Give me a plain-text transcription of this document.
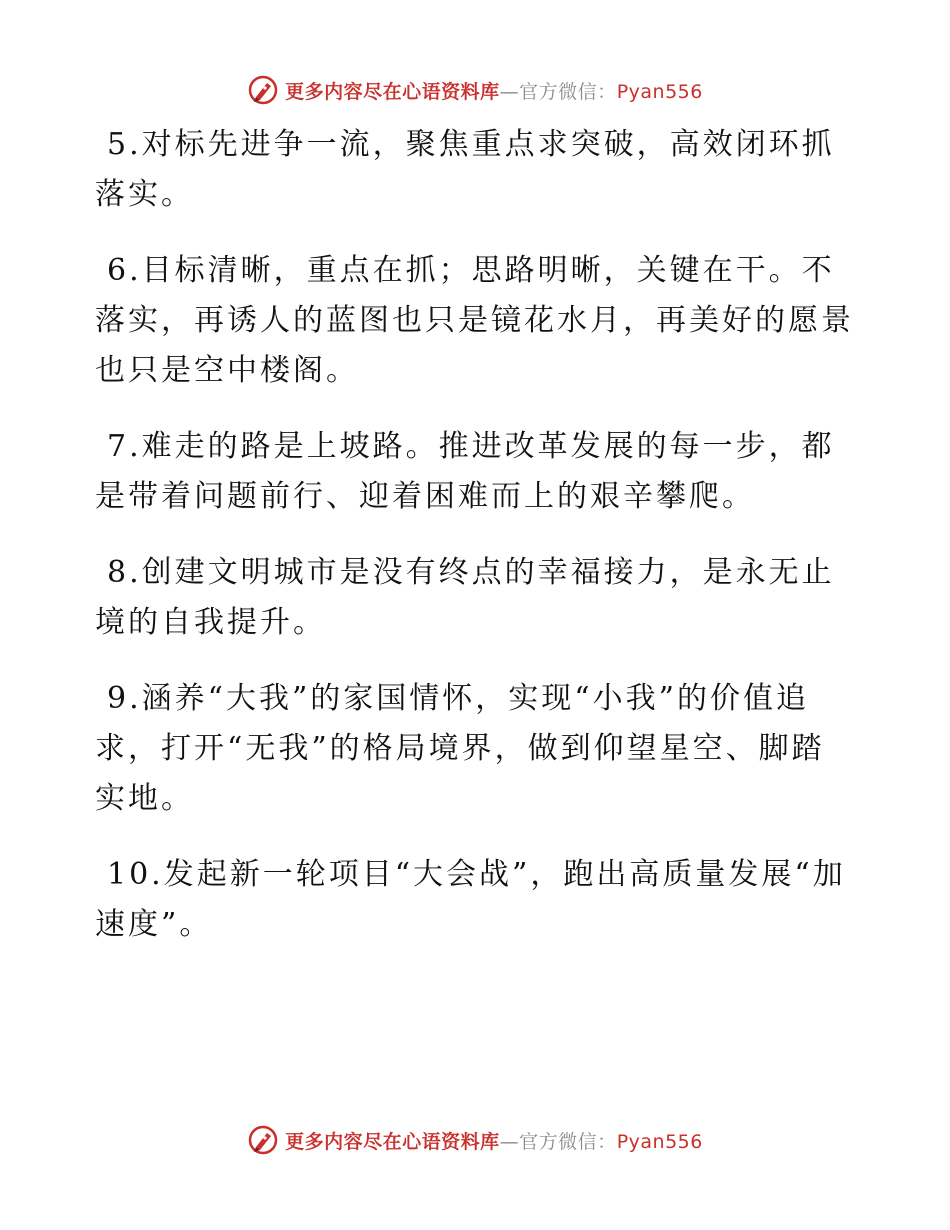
更多内容尽在心语资料库—官方微信：Pyan556

5.对标先进争一流，聚焦重点求突破，高效闭环抓落实。

6.目标清晰，重点在抓；思路明晰，关键在干。不落实，再诱人的蓝图也只是镜花水月，再美好的愿景也只是空中楼阁。

7.难走的路是上坡路。推进改革发展的每一步，都是带着问题前行、迎着困难而上的艰辛攀爬。

8.创建文明城市是没有终点的幸福接力，是永无止境的自我提升。

9.涵养“大我”的家国情怀，实现“小我”的价值追求，打开“无我”的格局境界，做到仰望星空、脚踏实地。

10.发起新一轮项目“大会战”，跑出高质量发展“加速度”。

更多内容尽在心语资料库—官方微信：Pyan556
